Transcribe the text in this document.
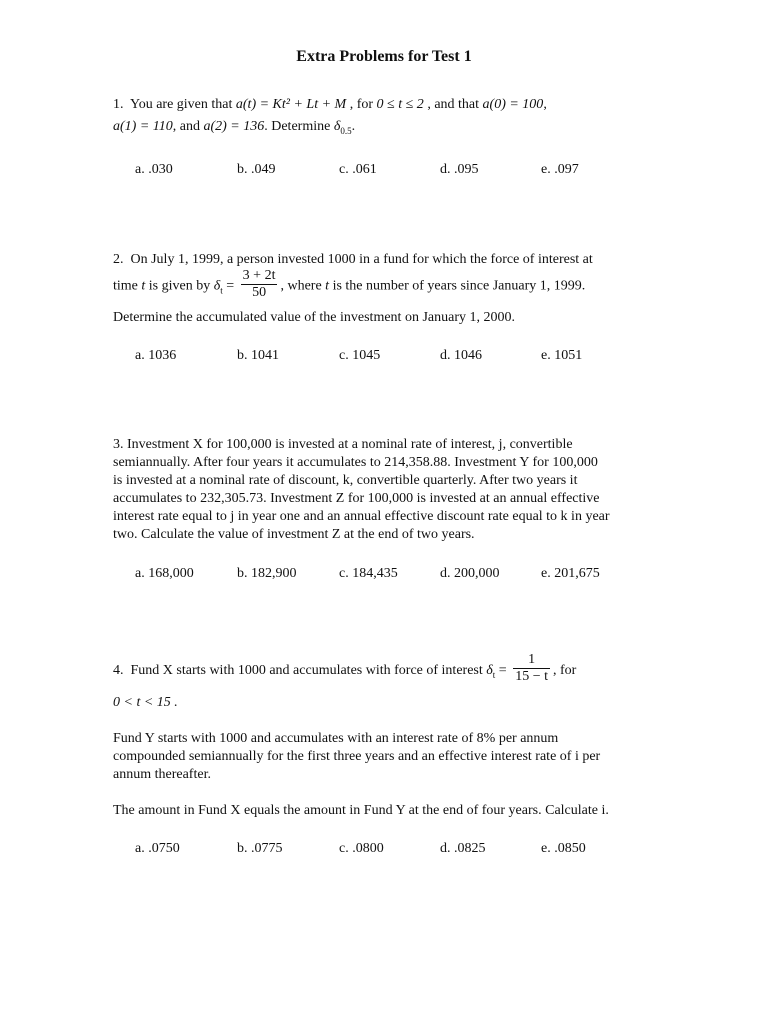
Extra Problems for Test 1
1. You are given that a(t) = Kt² + Lt + M , for 0 ≤ t ≤ 2 , and that a(0) = 100,
a(1) = 110, and a(2) = 136. Determine $\delta_{0.5}$.
a. .030	b. .049	c. .061	d. .095	e. .097
2. On July 1, 1999, a person invested 1000 in a fund for which the force of interest at
time t is given by $\delta_t = \frac{3 + 2t}{50}$ , where t is the number of years since January 1, 1999.
Determine the accumulated value of the investment on January 1, 2000.
a. 1036	b. 1041	c. 1045	d. 1046	e. 1051
3. Investment X for 100,000 is invested at a nominal rate of interest, j, convertible
semiannually. After four years it accumulates to 214,358.88. Investment Y for 100,000
is invested at a nominal rate of discount, k, convertible quarterly. After two years it
accumulates to 232,305.73. Investment Z for 100,000 is invested at an annual effective
interest rate equal to j in year one and an annual effective discount rate equal to k in year
two. Calculate the value of investment Z at the end of two years.
a. 168,000	b. 182,900	c. 184,435	d. 200,000	e. 201,675
4. Fund X starts with 1000 and accumulates with force of interest $\delta_t = \frac{1}{15 - t}$ , for
0 < t < 15 .
Fund Y starts with 1000 and accumulates with an interest rate of 8% per annum
compounded semiannually for the first three years and an effective interest rate of i per
annum thereafter.
The amount in Fund X equals the amount in Fund Y at the end of four years. Calculate i.
a. .0750	b. .0775	c. .0800	d. .0825	e. .0850
